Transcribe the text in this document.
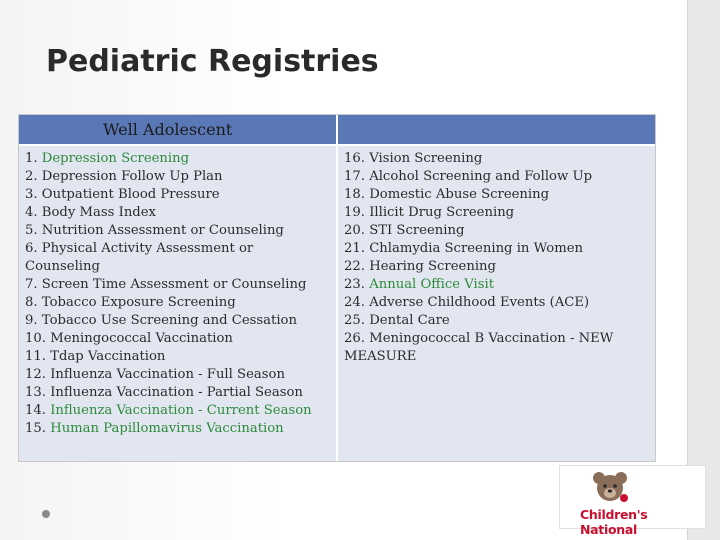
Pediatric Registries
Well Adolescent
1. Depression Screening
2. Depression Follow Up Plan
3. Outpatient Blood Pressure
4. Body Mass Index
5. Nutrition Assessment or Counseling
6. Physical Activity Assessment or Counseling
7. Screen Time Assessment or Counseling
8. Tobacco Exposure Screening
9. Tobacco Use Screening and Cessation
10. Meningococcal Vaccination
11. Tdap Vaccination
12. Influenza Vaccination - Full Season
13. Influenza Vaccination - Partial Season
14. Influenza Vaccination - Current Season
15. Human Papillomavirus Vaccination
16. Vision Screening
17. Alcohol Screening and Follow Up
18. Domestic Abuse Screening
19. Illicit Drug Screening
20. STI Screening
21. Chlamydia Screening in Women
22. Hearing Screening
23. Annual Office Visit
24. Adverse Childhood Events (ACE)
25. Dental Care
26. Meningococcal B Vaccination - NEW MEASURE
Children's National
